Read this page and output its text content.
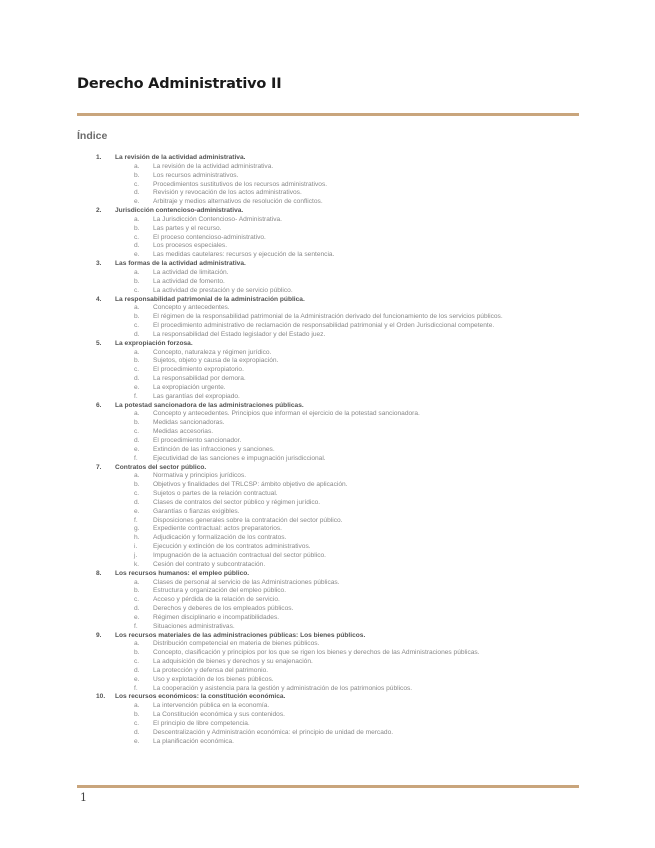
Derecho Administrativo II
Índice
1. La revisión de la actividad administrativa.
a. La revisión de la actividad administrativa.
b. Los recursos administrativos.
c. Procedimientos sustitutivos de los recursos administrativos.
d. Revisión y revocación de los actos administrativos.
e. Arbitraje y medios alternativos de resolución de conflictos.
2. Jurisdicción contencioso-administrativa.
a. La Jurisdicción Contencioso- Administrativa.
b. Las partes y el recurso.
c. El proceso contencioso-administrativo.
d. Los procesos especiales.
e. Las medidas cautelares: recursos y ejecución de la sentencia.
3. Las formas de la actividad administrativa.
a. La actividad de limitación.
b. La actividad de fomento.
c. La actividad de prestación y de servicio público.
4. La responsabilidad patrimonial de la administración pública.
a. Concepto y antecedentes.
b. El régimen de la responsabilidad patrimonial de la Administración derivado del funcionamiento de los servicios públicos.
c. El procedimiento administrativo de reclamación de responsabilidad patrimonial y el Orden Jurisdiccional competente.
d. La responsabilidad del Estado legislador y del Estado juez.
5. La expropiación forzosa.
a. Concepto, naturaleza y régimen jurídico.
b. Sujetos, objeto y causa de la expropiación.
c. El procedimiento expropiatorio.
d. La responsabilidad por demora.
e. La expropiación urgente.
f. Las garantías del expropiado.
6. La potestad sancionadora de las administraciones públicas.
a. Concepto y antecedentes. Principios que informan el ejercicio de la potestad sancionadora.
b. Medidas sancionadoras.
c. Medidas accesorias.
d. El procedimiento sancionador.
e. Extinción de las infracciones y sanciones.
f. Ejecutividad de las sanciones e impugnación jurisdiccional.
7. Contratos del sector público.
a. Normativa y principios jurídicos.
b. Objetivos y finalidades del TRLCSP: ámbito objetivo de aplicación.
c. Sujetos o partes de la relación contractual.
d. Clases de contratos del sector público y régimen jurídico.
e. Garantías o fianzas exigibles.
f. Disposiciones generales sobre la contratación del sector público.
g. Expediente contractual: actos preparatorios.
h. Adjudicación y formalización de los contratos.
i. Ejecución y extinción de los contratos administrativos.
j. Impugnación de la actuación contractual del sector público.
k. Cesión del contrato y subcontratación.
8. Los recursos humanos: el empleo público.
a. Clases de personal al servicio de las Administraciones públicas.
b. Estructura y organización del empleo público.
c. Acceso y pérdida de la relación de servicio.
d. Derechos y deberes de los empleados públicos.
e. Régimen disciplinario e incompatibilidades.
f. Situaciones administrativas.
9. Los recursos materiales de las administraciones públicas: Los bienes públicos.
a. Distribución competencial en materia de bienes públicos.
b. Concepto, clasificación y principios por los que se rigen los bienes y derechos de las Administraciones públicas.
c. La adquisición de bienes y derechos y su enajenación.
d. La protección y defensa del patrimonio.
e. Uso y explotación de los bienes públicos.
f. La cooperación y asistencia para la gestión y administración de los patrimonios públicos.
10. Los recursos económicos: la constitución económica.
a. La intervención pública en la economía.
b. La Constitución económica y sus contenidos.
c. El principio de libre competencia.
d. Descentralización y Administración económica: el principio de unidad de mercado.
e. La planificación económica.
1
